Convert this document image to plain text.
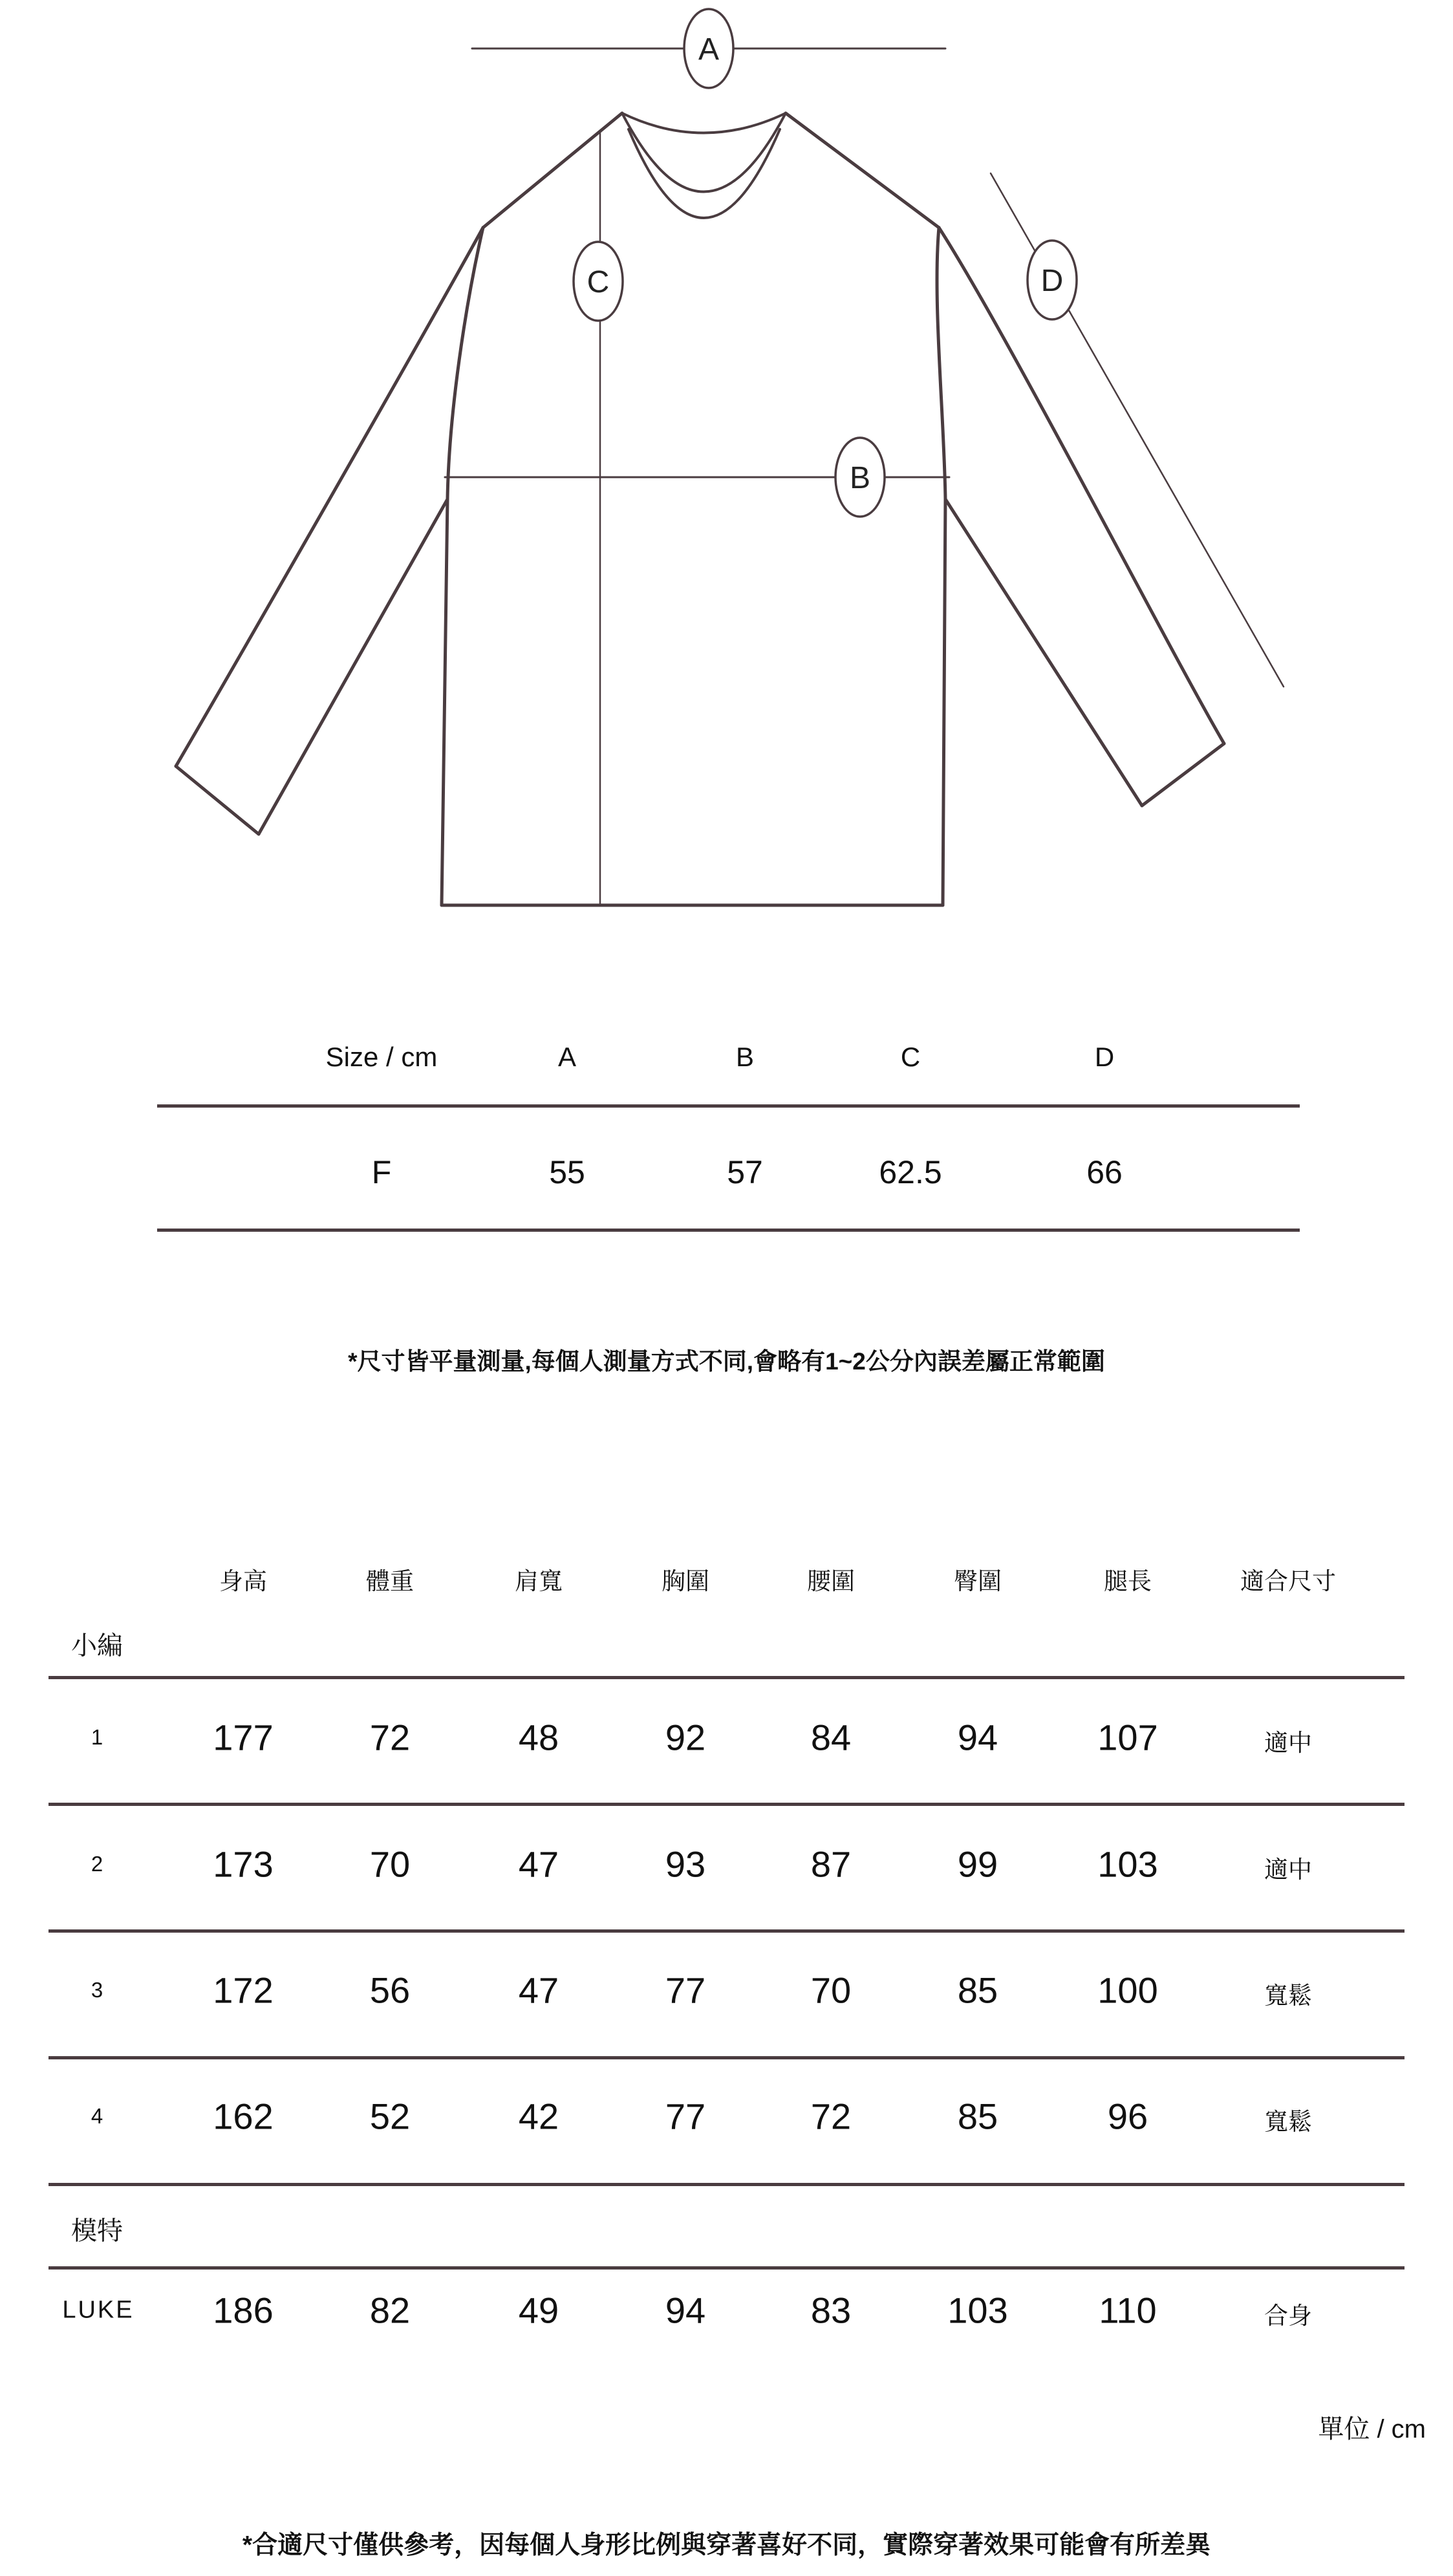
A
C	D
B
Size / cm	A	B	C	D
F	55	57	62.5	66
*尺寸皆平量測量,每個人測量方式不同,會略有1~2公分內誤差屬正常範圍
身高	體重	肩寬	胸圍	腰圍	臀圍	腿長	適合尺寸
小編
1	177	72	48	92	84	94	107	適中
2	173	70	47	93	87	99	103	適中
3	172	56	47	77	70	85	100	寬鬆
4	162	52	42	77	72	85	96	寬鬆
模特
LUKE 186	82	49	94	83	103	110	合身
單位 / cm
*合適尺寸僅供參考，因每個人身形比例與穿著喜好不同，實際穿著效果可能會有所差異
